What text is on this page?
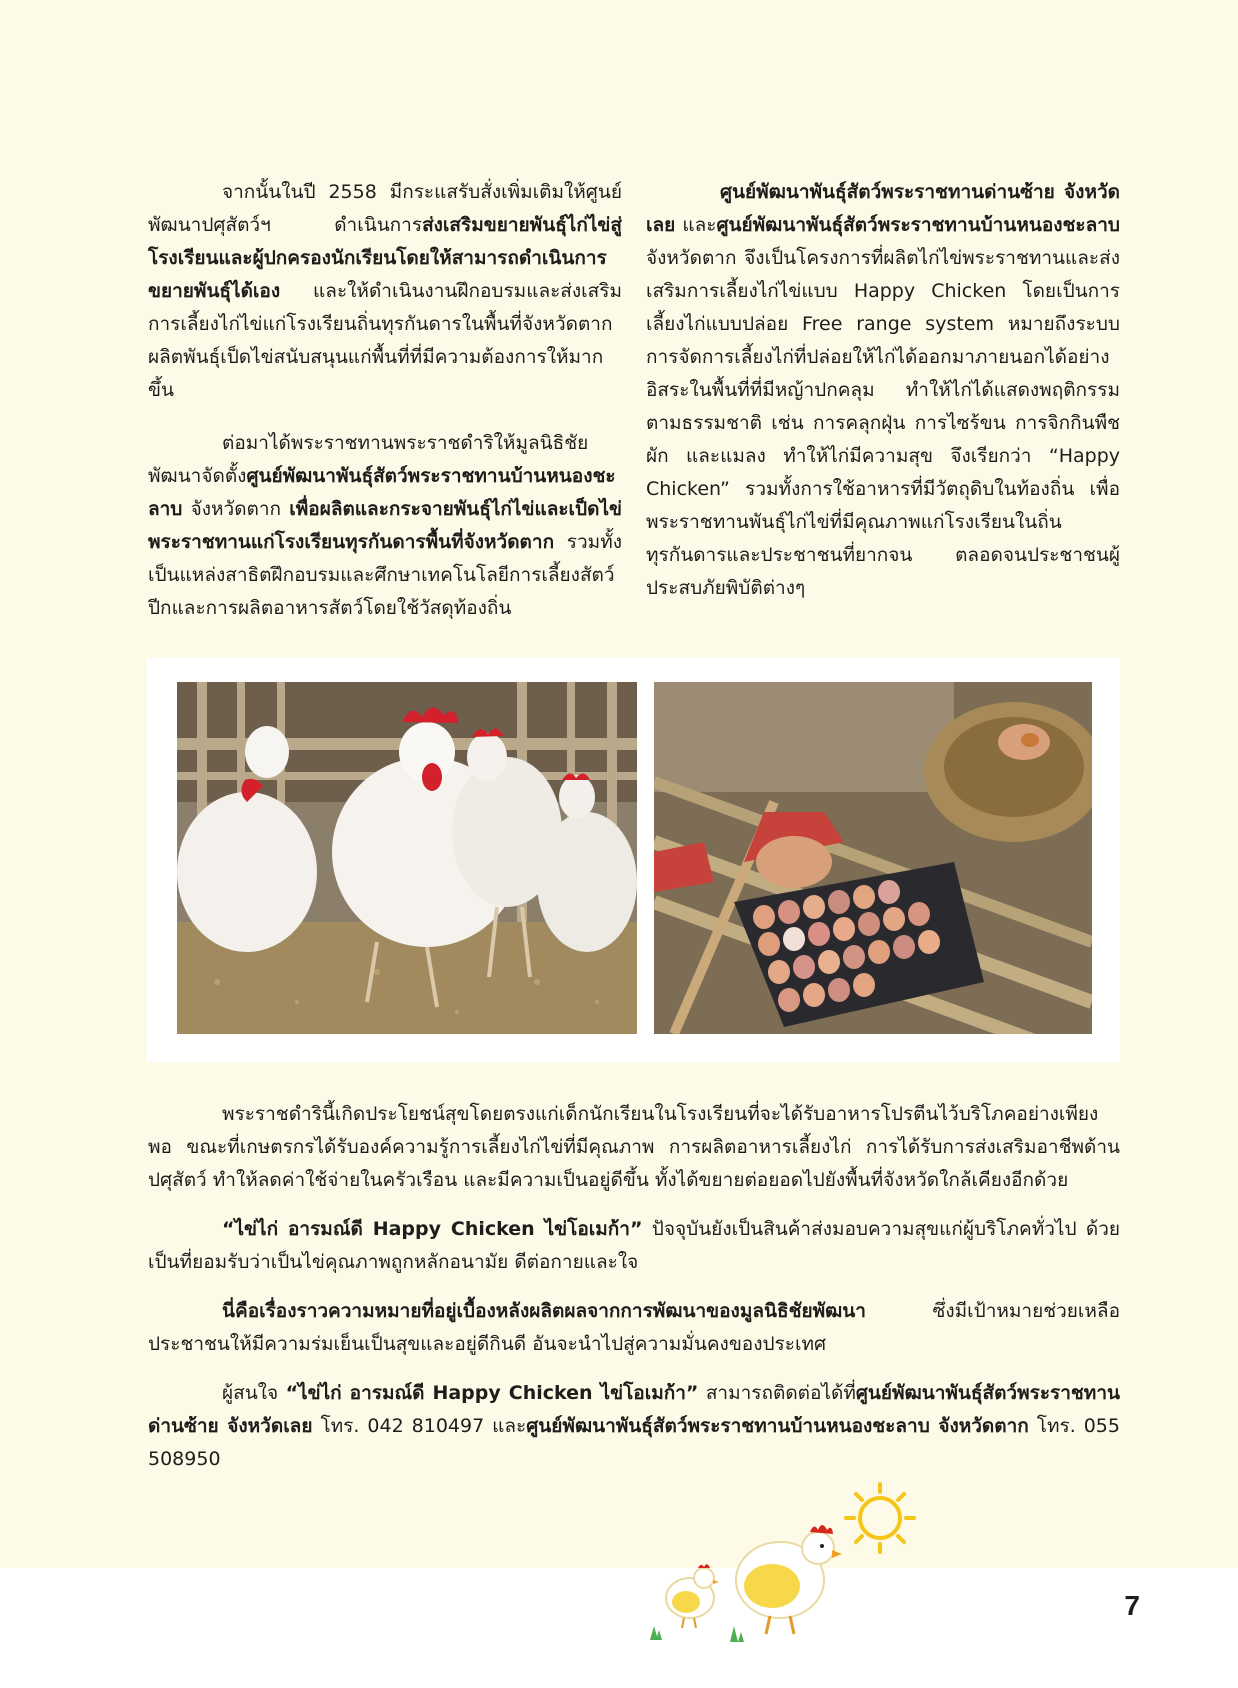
จากนั้นในปี 2558 มีกระแสรับสั่งเพิ่มเติมให้ศูนย์พัฒนาปศุสัตว์ฯ ดำเนินการส่งเสริมขยายพันธุ์ไก่ไข่สู่โรงเรียนและผู้ปกครองนักเรียนโดยให้สามารถดำเนินการขยายพันธุ์ได้เอง และให้ดำเนินงานฝึกอบรมและส่งเสริมการเลี้ยงไก่ไข่แก่โรงเรียนถิ่นทุรกันดารในพื้นที่จังหวัดตาก ผลิตพันธุ์เป็ดไข่สนับสนุนแก่พื้นที่ที่มีความต้องการให้มากขึ้น

ต่อมาได้พระราชทานพระราชดำริให้มูลนิธิชัยพัฒนาจัดตั้งศูนย์พัฒนาพันธุ์สัตว์พระราชทานบ้านหนองชะลาบ จังหวัดตาก เพื่อผลิตและกระจายพันธุ์ไก่ไข่และเป็ดไข่พระราชทานแก่โรงเรียนทุรกันดารพื้นที่จังหวัดตาก รวมทั้งเป็นแหล่งสาธิตฝึกอบรมและศึกษาเทคโนโลยีการเลี้ยงสัตว์ปีกและการผลิตอาหารสัตว์โดยใช้วัสดุท้องถิ่น

ศูนย์พัฒนาพันธุ์สัตว์พระราชทานด่านซ้าย จังหวัดเลย และศูนย์พัฒนาพันธุ์สัตว์พระราชทานบ้านหนองชะลาบ จังหวัดตาก จึงเป็นโครงการที่ผลิตไก่ไข่พระราชทานและส่งเสริมการเลี้ยงไก่ไข่แบบ Happy Chicken โดยเป็นการเลี้ยงไก่แบบปล่อย Free range system หมายถึงระบบการจัดการเลี้ยงไก่ที่ปล่อยให้ไก่ได้ออกมาภายนอกได้อย่างอิสระในพื้นที่ที่มีหญ้าปกคลุม ทำให้ไก่ได้แสดงพฤติกรรมตามธรรมชาติ เช่น การคลุกฝุ่น การไซร้ขน การจิกกินพืช ผัก และแมลง ทำให้ไก่มีความสุข จึงเรียกว่า “Happy Chicken” รวมทั้งการใช้อาหารที่มีวัตถุดิบในท้องถิ่น เพื่อพระราชทานพันธุ์ไก่ไข่ที่มีคุณภาพแก่โรงเรียนในถิ่นทุรกันดารและประชาชนที่ยากจน ตลอดจนประชาชนผู้ประสบภัยพิบัติต่างๆ

พระราชดำรินี้เกิดประโยชน์สุขโดยตรงแก่เด็กนักเรียนในโรงเรียนที่จะได้รับอาหารโปรตีนไว้บริโภคอย่างเพียงพอ ขณะที่เกษตรกรได้รับองค์ความรู้การเลี้ยงไก่ไข่ที่มีคุณภาพ การผลิตอาหารเลี้ยงไก่ การได้รับการส่งเสริมอาชีพด้านปศุสัตว์ ทำให้ลดค่าใช้จ่ายในครัวเรือน และมีความเป็นอยู่ดีขึ้น ทั้งได้ขยายต่อยอดไปยังพื้นที่จังหวัดใกล้เคียงอีกด้วย

“ไข่ไก่ อารมณ์ดี Happy Chicken ไข่โอเมก้า” ปัจจุบันยังเป็นสินค้าส่งมอบความสุขแก่ผู้บริโภคทั่วไป ด้วยเป็นที่ยอมรับว่าเป็นไข่คุณภาพถูกหลักอนามัย ดีต่อกายและใจ

นี่คือเรื่องราวความหมายที่อยู่เบื้องหลังผลิตผลจากการพัฒนาของมูลนิธิชัยพัฒนา ซึ่งมีเป้าหมายช่วยเหลือประชาชนให้มีความร่มเย็นเป็นสุขและอยู่ดีกินดี อันจะนำไปสู่ความมั่นคงของประเทศ

ผู้สนใจ “ไข่ไก่ อารมณ์ดี Happy Chicken ไข่โอเมก้า” สามารถติดต่อได้ที่ศูนย์พัฒนาพันธุ์สัตว์พระราชทานด่านซ้าย จังหวัดเลย โทร. 042 810497 และศูนย์พัฒนาพันธุ์สัตว์พระราชทานบ้านหนองชะลาบ จังหวัดตาก โทร. 055 508950

7
